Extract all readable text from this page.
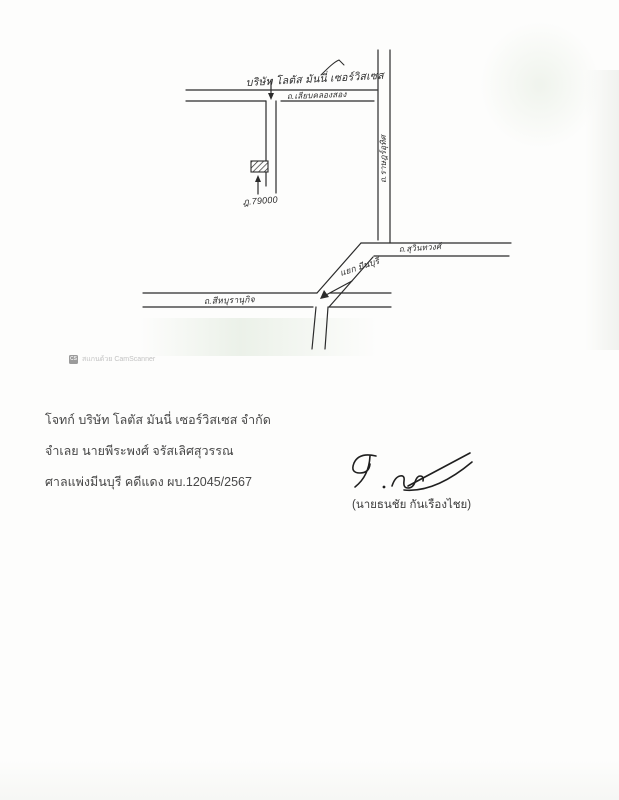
บริษัท โลตัส มันนี่ เซอร์วิสเซส
ถ.เลียบคลองสอง
ฎ.79000
ถ.ราษฎร์อุทิศ
ถ.สุวินทวงศ์
แยก มีนบุรี
ถ.สีหบุรานุกิจ
CS สแกนด้วย CamScanner
โจทก์ บริษัท โลตัส มันนี่ เซอร์วิสเซส จำกัด
จำเลย นายพีระพงศ์ จรัสเลิศสุวรรณ
ศาลแพ่งมีนบุรี คดีแดง ผบ.12045/2567
(นายธนชัย กันเรืองไชย)
